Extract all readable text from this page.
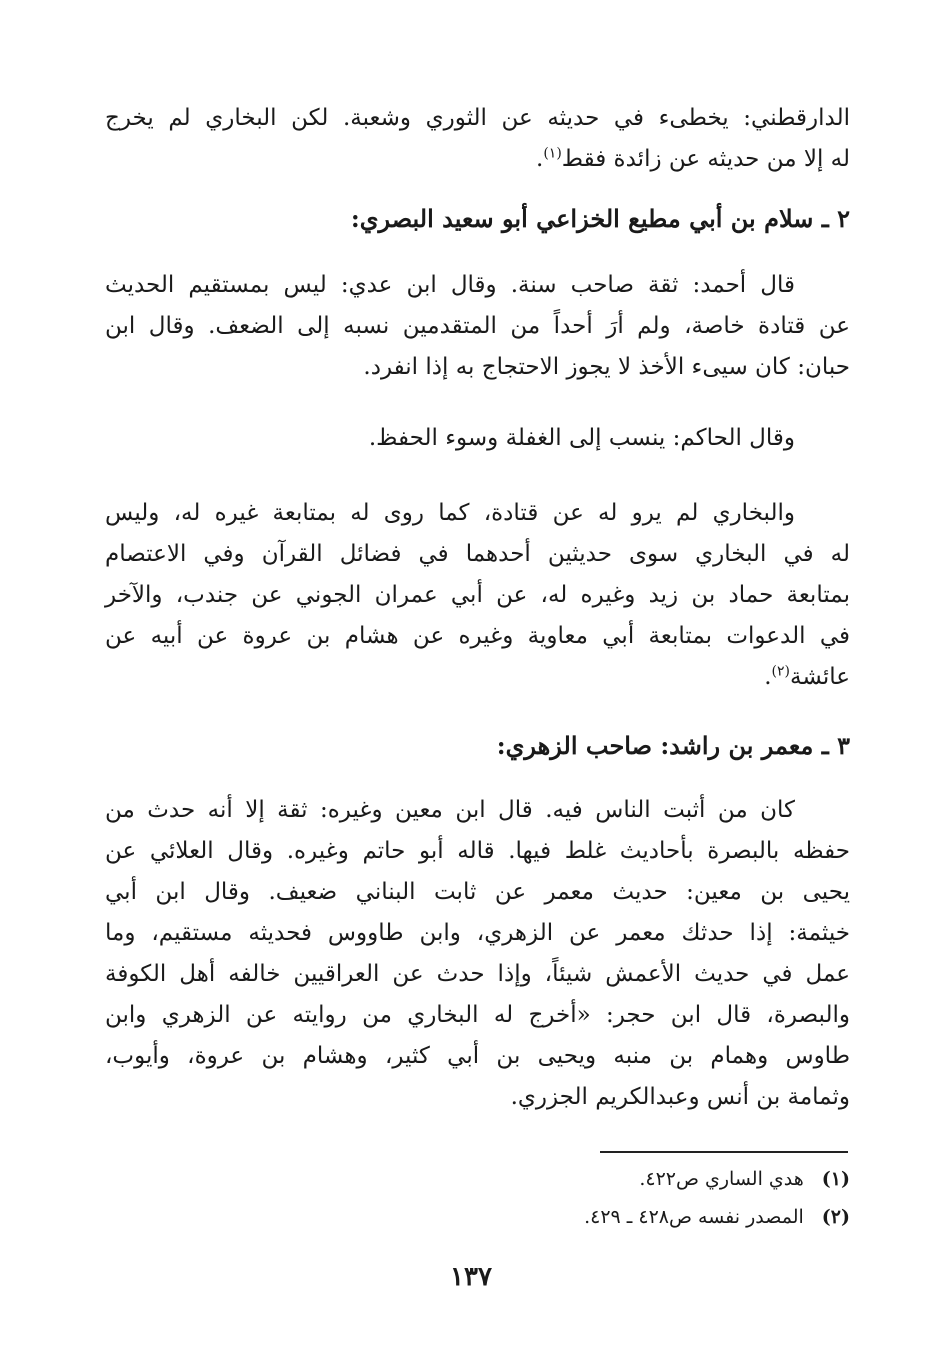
الدارقطني: يخطىء في حديثه عن الثوري وشعبة. لكن البخاري لم يخرج
له إلا من حديثه عن زائدة فقط$^{(١)}$.
٢ ـ سلام بن أبي مطيع الخزاعي أبو سعيد البصري:
قال أحمد: ثقة صاحب سنة. وقال ابن عدي: ليس بمستقيم الحديث
عن قتادة خاصة، ولم أرَ أحداً من المتقدمين نسبه إلى الضعف. وقال ابن
حبان: كان سيىء الأخذ لا يجوز الاحتجاج به إذا انفرد.
وقال الحاكم: ينسب إلى الغفلة وسوء الحفظ.
والبخاري لم يرو له عن قتادة، كما روى له بمتابعة غيره له، وليس
له في البخاري سوى حديثين أحدهما في فضائل القرآن وفي الاعتصام
بمتابعة حماد بن زيد وغيره له، عن أبي عمران الجوني عن جندب، والآخر
في الدعوات بمتابعة أبي معاوية وغيره عن هشام بن عروة عن أبيه عن
عائشة$^{(٢)}$.
٣ ـ معمر بن راشد: صاحب الزهري:
كان من أثبت الناس فيه. قال ابن معين وغيره: ثقة إلا أنه حدث من
حفظه بالبصرة بأحاديث غلط فيها. قاله أبو حاتم وغيره. وقال العلائي عن
يحيى بن معين: حديث معمر عن ثابت البناني ضعيف. وقال ابن أبي
خيثمة: إذا حدثك معمر عن الزهري، وابن طاووس فحديثه مستقيم، وما
عمل في حديث الأعمش شيئاً، وإذا حدث عن العراقيين خالفه أهل الكوفة
والبصرة، قال ابن حجر: «أخرج له البخاري من روايته عن الزهري وابن
طاوس وهمام بن منبه ويحيى بن أبي كثير، وهشام بن عروة، وأيوب،
وثمامة بن أنس وعبدالكريم الجزري.
(١)هدي الساري ص٤٢٢.
(٢)المصدر نفسه ص٤٢٨ ـ ٤٢٩.
١٣٧
